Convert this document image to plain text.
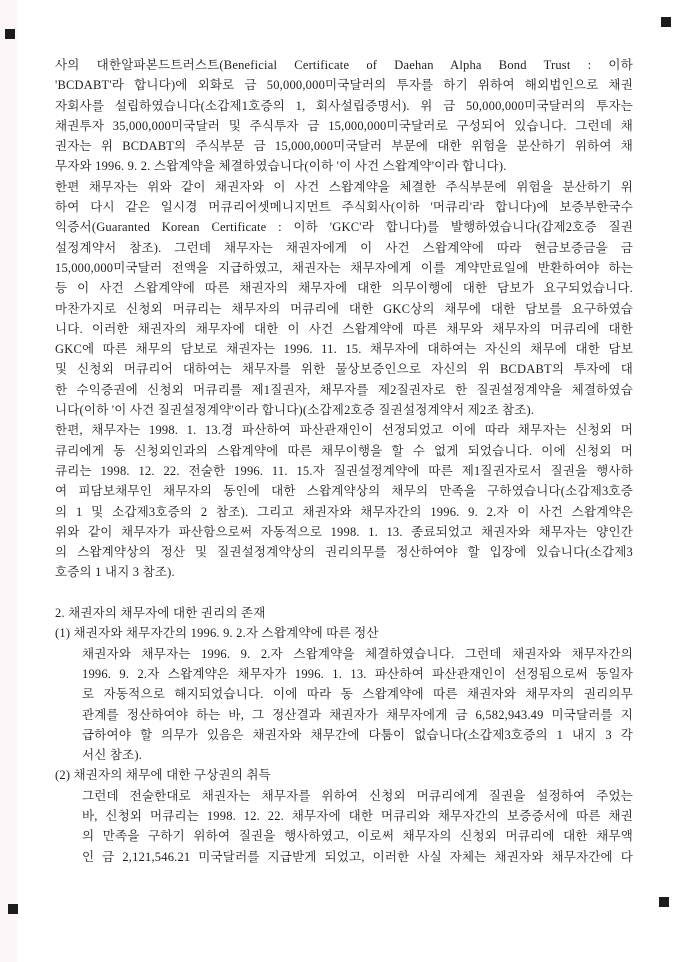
사의 대한알파본드트러스트(Beneficial Certificate of Daehan Alpha Bond Trust : 이하
'BCDABT'라 합니다)에 외화로 금 50,000,000미국달러의 투자를 하기 위하여 해외법인으로 채권
자회사를 설립하였습니다(소갑제1호증의 1, 회사설립증명서). 위 금 50,000,000미국달러의 투자는
채권투자 35,000,000미국달러 및 주식투자 금 15,000,000미국달러로 구성되어 있습니다. 그런데 채
권자는 위 BCDABT의 주식부문 금 15,000,000미국달러 부문에 대한 위험을 분산하기 위하여 채
무자와 1996. 9. 2. 스왑계약을 체결하였습니다(이하 '이 사건 스왑계약'이라 합니다).
한편 채무자는 위와 같이 채권자와 이 사건 스왑계약을 체결한 주식부문에 위험을 분산하기 위
하여 다시 같은 일시경 머큐리어셋메니지먼트 주식회사(이하 '머큐리'라 합니다)에 보증부한국수
익증서(Guaranted Korean Certificate : 이하 'GKC'라 합니다)를 발행하였습니다(갑제2호증 질권
설정계약서 참조). 그런데 채무자는 채권자에게 이 사건 스왑계약에 따라 현금보증금을 금
15,000,000미국달러 전액을 지급하였고, 채권자는 채무자에게 이를 계약만료일에 반환하여야 하는
등 이 사건 스왑계약에 따른 채권자의 채무자에 대한 의무이행에 대한 담보가 요구되었습니다.
마찬가지로 신청외 머큐리는 채무자의 머큐리에 대한 GKC상의 채무에 대한 담보를 요구하였습
니다. 이러한 채권자의 채무자에 대한 이 사건 스왑계약에 따른 채무와 채무자의 머큐리에 대한
GKC에 따른 채무의 담보로 채권자는 1996. 11. 15. 채무자에 대하여는 자신의 채무에 대한 담보
및 신청외 머큐리어 대하여는 채무자를 위한 물상보증인으로 자신의 위 BCDABT의 투자에 대
한 수익증권에 신청외 머큐리를 제1질권자, 채무자를 제2질권자로 한 질권설정계약을 체결하였습
니다(이하 '이 사건 질권설정계약'이라 합니다)(소갑제2호증 질권설정계약서 제2조 참조).
한편, 채무자는 1998. 1. 13.경 파산하여 파산관재인이 선정되었고 이에 따라 채무자는 신청외 머
큐리에게 동 신청외인과의 스왑계약에 따른 채무이행을 할 수 없게 되었습니다. 이에 신청외 머
큐리는 1998. 12. 22. 전술한 1996. 11. 15.자 질권설정계약에 따른 제1질권자로서 질권을 행사하
여 피담보채무인 채무자의 동인에 대한 스왑계약상의 채무의 만족을 구하였습니다(소갑제3호증
의 1 및 소갑제3호증의 2 참조). 그리고 채권자와 채무자간의 1996. 9. 2.자 이 사건 스왑계약은
위와 같이 채무자가 파산함으로써 자동적으로 1998. 1. 13. 종료되었고 채권자와 채무자는 양인간
의 스왑계약상의 정산 및 질권설정계약상의 권리의무를 정산하여야 할 입장에 있습니다(소갑제3
호증의 1 내지 3 참조).
2. 채권자의 채무자에 대한 권리의 존재
(1) 채권자와 채무자간의 1996. 9. 2.자 스왑계약에 따른 정산
채권자와 채무자는 1996. 9. 2.자 스왑계약을 체결하였습니다. 그런데 채권자와 채무자간의
1996. 9. 2.자 스왑계약은 채무자가 1996. 1. 13. 파산하여 파산관재인이 선정됨으로써 동일자
로 자동적으로 해지되었습니다. 이에 따라 동 스왑계약에 따른 채권자와 채무자의 권리의무
관계를 정산하여야 하는 바, 그 정산결과 채권자가 채무자에게 금 6,582,943.49 미국달러를 지
급하여야 할 의무가 있음은 채권자와 채무간에 다툼이 없습니다(소갑제3호증의 1 내지 3 각
서신 참조).
(2) 채권자의 채무에 대한 구상권의 취득
그런데 전술한대로 채권자는 채무자를 위하여 신청외 머큐리에게 질권을 설정하여 주었는
바, 신청외 머큐리는 1998. 12. 22. 채무자에 대한 머큐리와 채무자간의 보증증서에 따른 채권
의 만족을 구하기 위하여 질권을 행사하였고, 이로써 채무자의 신청외 머큐리에 대한 채무액
인 금 2,121,546.21 미국달러를 지급받게 되었고, 이러한 사실 자체는 채권자와 채무자간에 다
